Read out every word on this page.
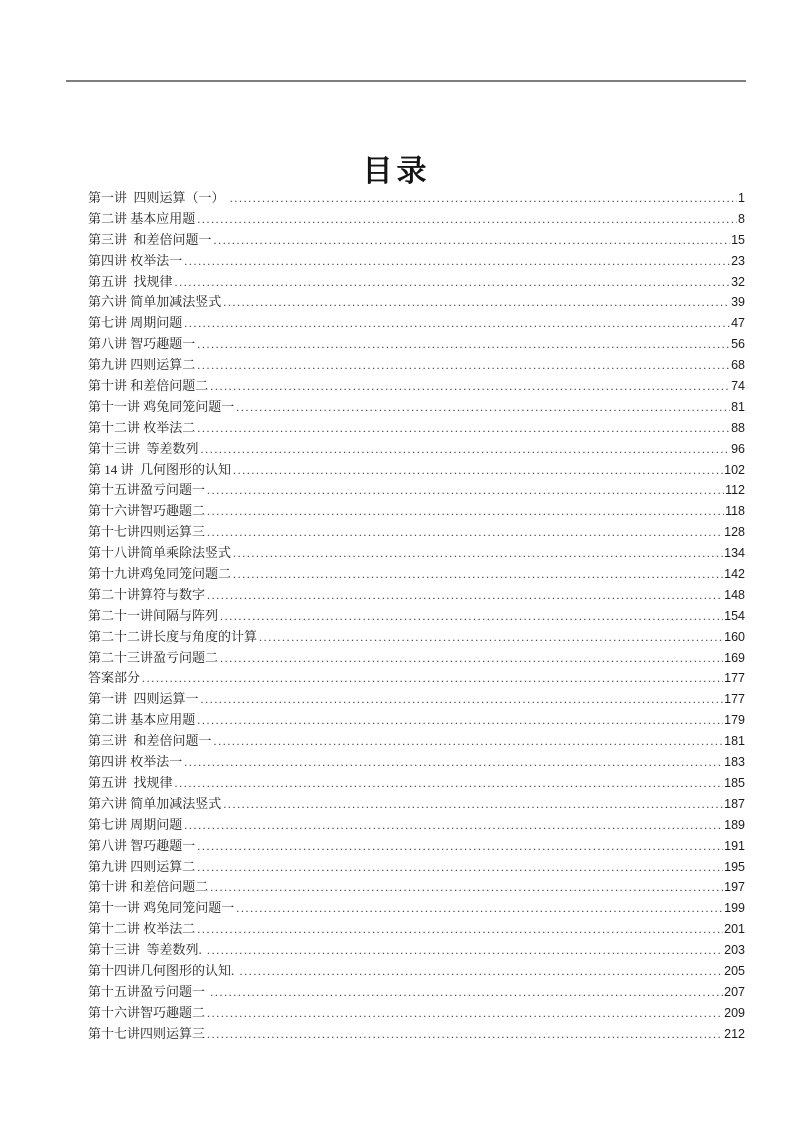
目录
第一讲  四则运算（一） .....	1
第二讲 基本应用题 .....	8
第三讲  和差倍问题一 .....	15
第四讲 枚举法一 .....	23
第五讲  找规律 .....	32
第六讲 简单加减法竖式 .....	39
第七讲 周期问题 .....	47
第八讲 智巧趣题一 .....	56
第九讲 四则运算二 .....	68
第十讲 和差倍问题二 .....	74
第十一讲 鸡兔同笼问题一 .....	81
第十二讲 枚举法二 .....	88
第十三讲  等差数列 .....	96
第 14 讲  几何图形的认知 .....	102
第十五讲盈亏问题一 .....	112
第十六讲智巧趣题二 .....	118
第十七讲四则运算三 .....	128
第十八讲简单乘除法竖式 .....	134
第十九讲鸡兔同笼问题二 .....	142
第二十讲算符与数字 .....	148
第二十一讲间隔与阵列 .....	154
第二十二讲长度与角度的计算 .....	160
第二十三讲盈亏问题二 .....	169
答案部分 .....	177
第一讲  四则运算一 .....	177
第二讲 基本应用题 .....	179
第三讲  和差倍问题一 .....	181
第四讲 枚举法一 .....	183
第五讲  找规律 .....	185
第六讲 简单加减法竖式 .....	187
第七讲 周期问题 .....	189
第八讲 智巧趣题一 .....	191
第九讲 四则运算二 .....	195
第十讲 和差倍问题二 .....	197
第十一讲 鸡兔同笼问题一 .....	199
第十二讲 枚举法二 .....	201
第十三讲  等差数列. .....	203
第十四讲几何图形的认知. .....	205
第十五讲盈亏问题一 .....	207
第十六讲智巧趣题二 .....	209
第十七讲四则运算三 .....	212
